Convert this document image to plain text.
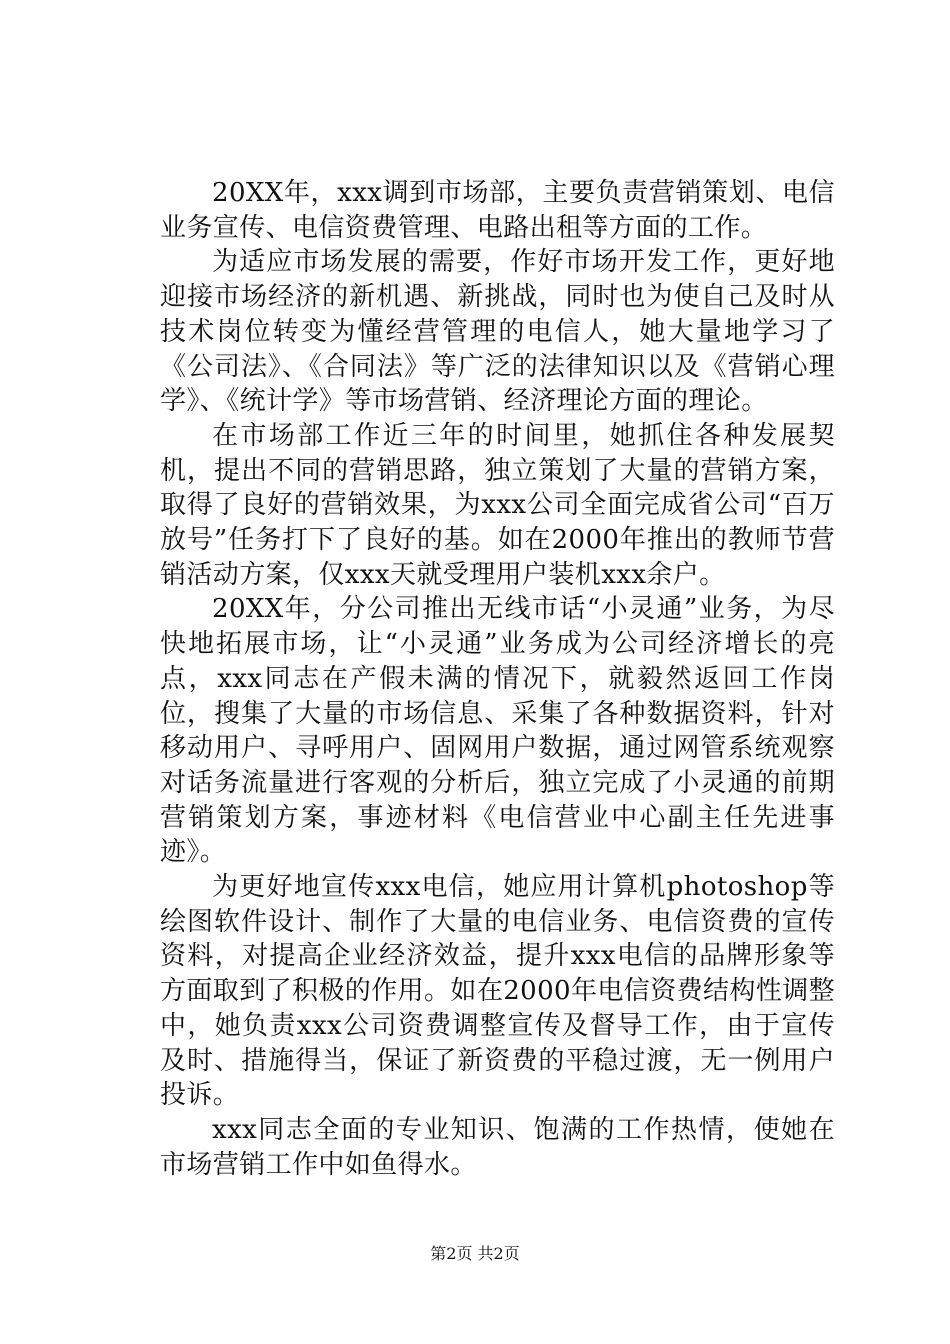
20XX年，xxx调到市场部，主要负责营销策划、电信业务宣传、电信资费管理、电路出租等方面的工作。

为适应市场发展的需要，作好市场开发工作，更好地迎接市场经济的新机遇、新挑战，同时也为使自己及时从技术岗位转变为懂经营管理的电信人，她大量地学习了《公司法》、《合同法》等广泛的法律知识以及《营销心理学》、《统计学》等市场营销、经济理论方面的理论。

在市场部工作近三年的时间里，她抓住各种发展契机，提出不同的营销思路，独立策划了大量的营销方案，取得了良好的营销效果，为xxx公司全面完成省公司“百万放号”任务打下了良好的基。如在2000年推出的教师节营销活动方案，仅xxx天就受理用户装机xxx余户。

20XX年，分公司推出无线市话“小灵通”业务，为尽快地拓展市场，让“小灵通”业务成为公司经济增长的亮点，xxx同志在产假未满的情况下，就毅然返回工作岗位，搜集了大量的市场信息、采集了各种数据资料，针对移动用户、寻呼用户、固网用户数据，通过网管系统观察对话务流量进行客观的分析后，独立完成了小灵通的前期营销策划方案，事迹材料《电信营业中心副主任先进事迹》。

为更好地宣传xxx电信，她应用计算机photoshop等绘图软件设计、制作了大量的电信业务、电信资费的宣传资料，对提高企业经济效益，提升xxx电信的品牌形象等方面取到了积极的作用。如在2000年电信资费结构性调整中，她负责xxx公司资费调整宣传及督导工作，由于宣传及时、措施得当，保证了新资费的平稳过渡，无一例用户投诉。

xxx同志全面的专业知识、饱满的工作热情，使她在市场营销工作中如鱼得水。

第2页 共2页
